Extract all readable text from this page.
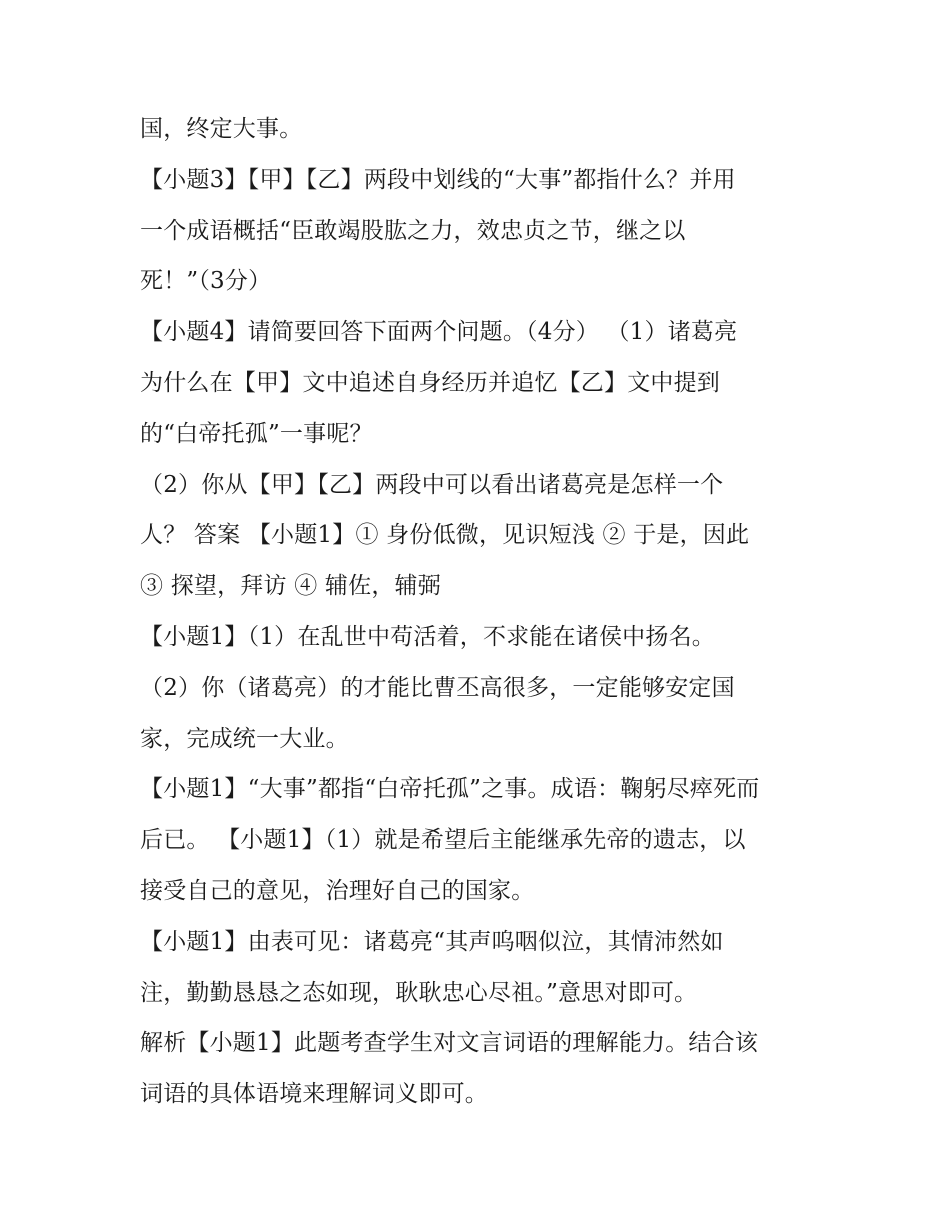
国，终定大事。
【小题3】【甲】【乙】两段中划线的“大事”都指什么？并用
一个成语概括“臣敢竭股肱之力，效忠贞之节，继之以
死！”（3分）
【小题4】请简要回答下面两个问题。（4分） （1）诸葛亮
为什么在【甲】文中追述自身经历并追忆【乙】文中提到
的“白帝托孤”一事呢？
（2）你从【甲】【乙】两段中可以看出诸葛亮是怎样一个
人？ 答案 【小题1】① 身份低微，见识短浅 ② 于是，因此
③ 探望，拜访 ④ 辅佐，辅弼
【小题1】（1）在乱世中苟活着，不求能在诸侯中扬名。
（2）你（诸葛亮）的才能比曹丕高很多，一定能够安定国
家，完成统一大业。
【小题1】“大事”都指“白帝托孤”之事。成语：鞠躬尽瘁死而
后已。 【小题1】（1）就是希望后主能继承先帝的遗志，以
接受自己的意见，治理好自己的国家。
【小题1】由表可见：诸葛亮“其声呜咽似泣，其情沛然如
注，勤勤恳恳之态如现，耿耿忠心尽祖。”意思对即可。
解析【小题1】此题考查学生对文言词语的理解能力。结合该
词语的具体语境来理解词义即可。
